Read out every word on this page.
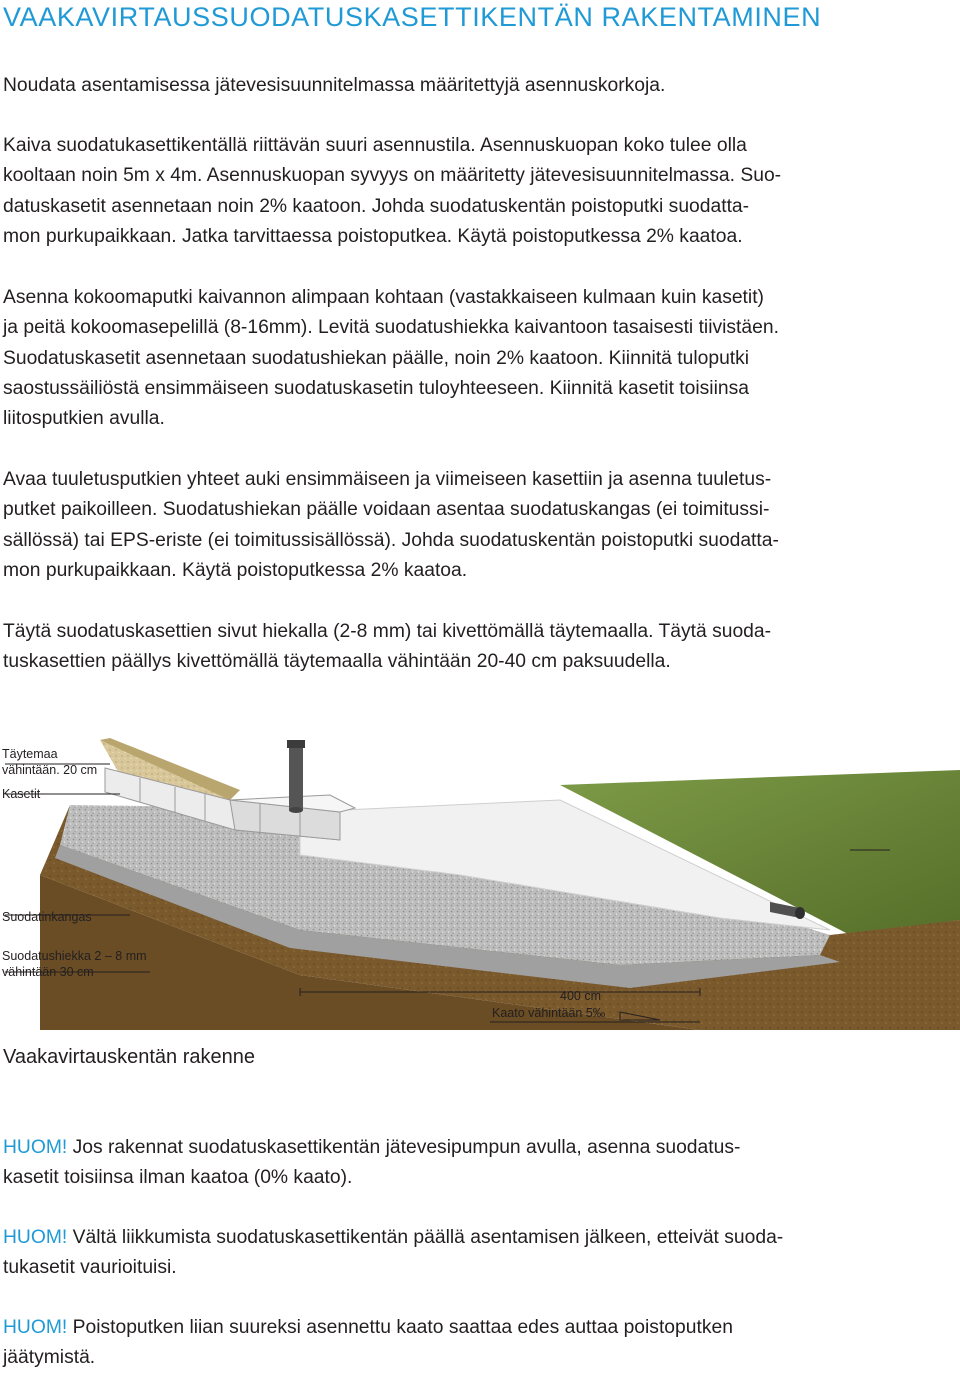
VAAKAVIRTAUSSUODATUSKASETTIKENTÄN RAKENTAMINEN

Noudata asentamisessa jätevesisuunnitelmassa määritettyjä asennuskorkoja.

Kaiva suodatukasettikentällä riittävän suuri asennustila. Asennuskuopan koko tulee olla
kooltaan noin 5m x 4m. Asennuskuopan syvyys on määritetty jätevesisuunnitelmassa. Suo-
datuskasetit asennetaan noin 2% kaatoon. Johda suodatuskentän poistoputki suodatta-
mon purkupaikkaan. Jatka tarvittaessa poistoputkea. Käytä poistoputkessa 2% kaatoa.

Asenna kokoomaputki kaivannon alimpaan kohtaan (vastakkaiseen kulmaan kuin kasetit)
ja peitä kokoomasepelillä (8-16mm). Levitä suodatushiekka kaivantoon tasaisesti tiivistäen.
Suodatuskasetit asennetaan suodatushiekan päälle, noin 2% kaatoon. Kiinnitä tuloputki
saostussäiliöstä ensimmäiseen suodatuskasetin tuloyhteeseen. Kiinnitä kasetit toisiinsa
liitosputkien avulla.

Avaa tuuletusputkien yhteet auki ensimmäiseen ja viimeiseen kasettiin ja asenna tuuletus-
putket paikoilleen. Suodatushiekan päälle voidaan asentaa suodatuskangas (ei toimitussi-
sällössä) tai EPS-eriste (ei toimitussisällössä). Johda suodatuskentän poistoputki suodatta-
mon purkupaikkaan. Käytä poistoputkessa 2% kaatoa.

Täytä suodatuskasettien sivut hiekalla (2-8 mm) tai kivettömällä täytemaalla. Täytä suoda-
tuskasettien päällys kivettömällä täytemaalla vähintään 20-40 cm paksuudella.

Täytemaa
vähintään. 20 cm
Kasetit
Suodatinkangas
Suodatushiekka 2 – 8 mm
vähintään 30 cm
400 cm
Kaato vähintään 5‰

Vaakavirtauskentän rakenne

HUOM! Jos rakennat suodatuskasettikentän jätevesipumpun avulla, asenna suodatus-
kasetit toisiinsa ilman kaatoa (0% kaato).

HUOM! Vältä liikkumista suodatuskasettikentän päällä asentamisen jälkeen, etteivät suoda-
tukasetit vaurioituisi.

HUOM! Poistoputken liian suureksi asennettu kaato saattaa edes auttaa poistoputken
jäätymistä.
